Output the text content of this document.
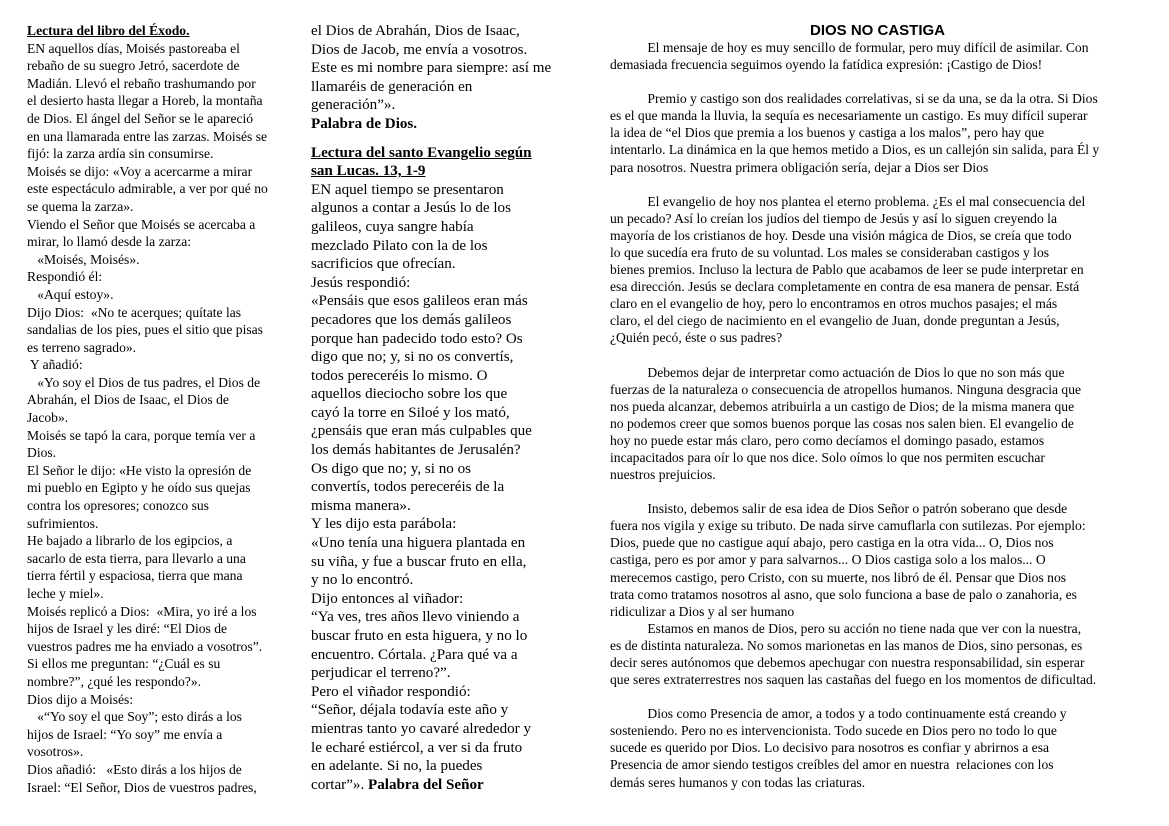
Lectura del libro del Éxodo.
EN aquellos días, Moisés pastoreaba el
rebaño de su suegro Jetró, sacerdote de
Madián. Llevó el rebaño trashumando por
el desierto hasta llegar a Horeb, la montaña
de Dios. El ángel del Señor se le apareció
en una llamarada entre las zarzas. Moisés se
fijó: la zarza ardía sin consumirse.
Moisés se dijo: «Voy a acercarme a mirar
este espectáculo admirable, a ver por qué no
se quema la zarza».
Viendo el Señor que Moisés se acercaba a
mirar, lo llamó desde la zarza:
«Moisés, Moisés».
Respondió él:
«Aquí estoy».
Dijo Dios:  «No te acerques; quítate las
sandalias de los pies, pues el sitio que pisas
es terreno sagrado».
Y añadió:
«Yo soy el Dios de tus padres, el Dios de
Abrahán, el Dios de Isaac, el Dios de
Jacob».
Moisés se tapó la cara, porque temía ver a
Dios.
El Señor le dijo: «He visto la opresión de
mi pueblo en Egipto y he oído sus quejas
contra los opresores; conozco sus
sufrimientos.
He bajado a librarlo de los egipcios, a
sacarlo de esta tierra, para llevarlo a una
tierra fértil y espaciosa, tierra que mana
leche y miel».
Moisés replicó a Dios:  «Mira, yo iré a los
hijos de Israel y les diré: “El Dios de
vuestros padres me ha enviado a vosotros”.
Si ellos me preguntan: “¿Cuál es su
nombre?”, ¿qué les respondo?».
Dios dijo a Moisés:
«“Yo soy el que Soy”; esto dirás a los
hijos de Israel: “Yo soy” me envía a
vosotros».
Dios añadió:   «Esto dirás a los hijos de
Israel: “El Señor, Dios de vuestros padres,
el Dios de Abrahán, Dios de Isaac,
Dios de Jacob, me envía a vosotros.
Este es mi nombre para siempre: así me
llamaréis de generación en
generación”».
Palabra de Dios.
Lectura del santo Evangelio según
san Lucas. 13, 1-9
EN aquel tiempo se presentaron
algunos a contar a Jesús lo de los
galileos, cuya sangre había
mezclado Pilato con la de los
sacrificios que ofrecían.
Jesús respondió:
«Pensáis que esos galileos eran más
pecadores que los demás galileos
porque han padecido todo esto? Os
digo que no; y, si no os convertís,
todos pereceréis lo mismo. O
aquellos dieciocho sobre los que
cayó la torre en Siloé y los mató,
¿pensáis que eran más culpables que
los demás habitantes de Jerusalén?
Os digo que no; y, si no os
convertís, todos pereceréis de la
misma manera».
Y les dijo esta parábola:
«Uno tenía una higuera plantada en
su viña, y fue a buscar fruto en ella,
y no lo encontró.
Dijo entonces al viñador:
“Ya ves, tres años llevo viniendo a
buscar fruto en esta higuera, y no lo
encuentro. Córtala. ¿Para qué va a
perjudicar el terreno?”.
Pero el viñador respondió:
“Señor, déjala todavía este año y
mientras tanto yo cavaré alrededor y
le echaré estiércol, a ver si da fruto
en adelante. Si no, la puedes
cortar”». Palabra del Señor
DIOS NO CASTIGA
El mensaje de hoy es muy sencillo de formular, pero muy difícil de asimilar. Con
demasiada frecuencia seguimos oyendo la fatídica expresión: ¡Castigo de Dios!
Premio y castigo son dos realidades correlativas, si se da una, se da la otra. Si Dios
es el que manda la lluvia, la sequía es necesariamente un castigo. Es muy difícil superar
la idea de “el Dios que premia a los buenos y castiga a los malos”, pero hay que
intentarlo. La dinámica en la que hemos metido a Dios, es un callejón sin salida, para Él y
para nosotros. Nuestra primera obligación sería, dejar a Dios ser Dios
El evangelio de hoy nos plantea el eterno problema. ¿Es el mal consecuencia del
un pecado? Así lo creían los judíos del tiempo de Jesús y así lo siguen creyendo la
mayoría de los cristianos de hoy. Desde una visión mágica de Dios, se creía que todo
lo que sucedía era fruto de su voluntad. Los males se consideraban castigos y los
bienes premios. Incluso la lectura de Pablo que acabamos de leer se pude interpretar en
esa dirección. Jesús se declara completamente en contra de esa manera de pensar. Está
claro en el evangelio de hoy, pero lo encontramos en otros muchos pasajes; el más
claro, el del ciego de nacimiento en el evangelio de Juan, donde preguntan a Jesús,
¿Quién pecó, éste o sus padres?
Debemos dejar de interpretar como actuación de Dios lo que no son más que
fuerzas de la naturaleza o consecuencia de atropellos humanos. Ninguna desgracia que
nos pueda alcanzar, debemos atribuirla a un castigo de Dios; de la misma manera que
no podemos creer que somos buenos porque las cosas nos salen bien. El evangelio de
hoy no puede estar más claro, pero como decíamos el domingo pasado, estamos
incapacitados para oír lo que nos dice. Solo oímos lo que nos permiten escuchar
nuestros prejuicios.
Insisto, debemos salir de esa idea de Dios Señor o patrón soberano que desde
fuera nos vigila y exige su tributo. De nada sirve camuflarla con sutilezas. Por ejemplo:
Dios, puede que no castigue aquí abajo, pero castiga en la otra vida... O, Dios nos
castiga, pero es por amor y para salvarnos... O Dios castiga solo a los malos... O
merecemos castigo, pero Cristo, con su muerte, nos libró de él. Pensar que Dios nos
trata como tratamos nosotros al asno, que solo funciona a base de palo o zanahoria, es
ridiculizar a Dios y al ser humano
Estamos en manos de Dios, pero su acción no tiene nada que ver con la nuestra,
es de distinta naturaleza. No somos marionetas en las manos de Dios, sino personas, es
decir seres autónomos que debemos apechugar con nuestra responsabilidad, sin esperar
que seres extraterrestres nos saquen las castañas del fuego en los momentos de dificultad.
Dios como Presencia de amor, a todos y a todo continuamente está creando y
sosteniendo. Pero no es intervencionista. Todo sucede en Dios pero no todo lo que
sucede es querido por Dios. Lo decisivo para nosotros es confiar y abrirnos a esa
Presencia de amor siendo testigos creíbles del amor en nuestra  relaciones con los
demás seres humanos y con todas las criaturas.
